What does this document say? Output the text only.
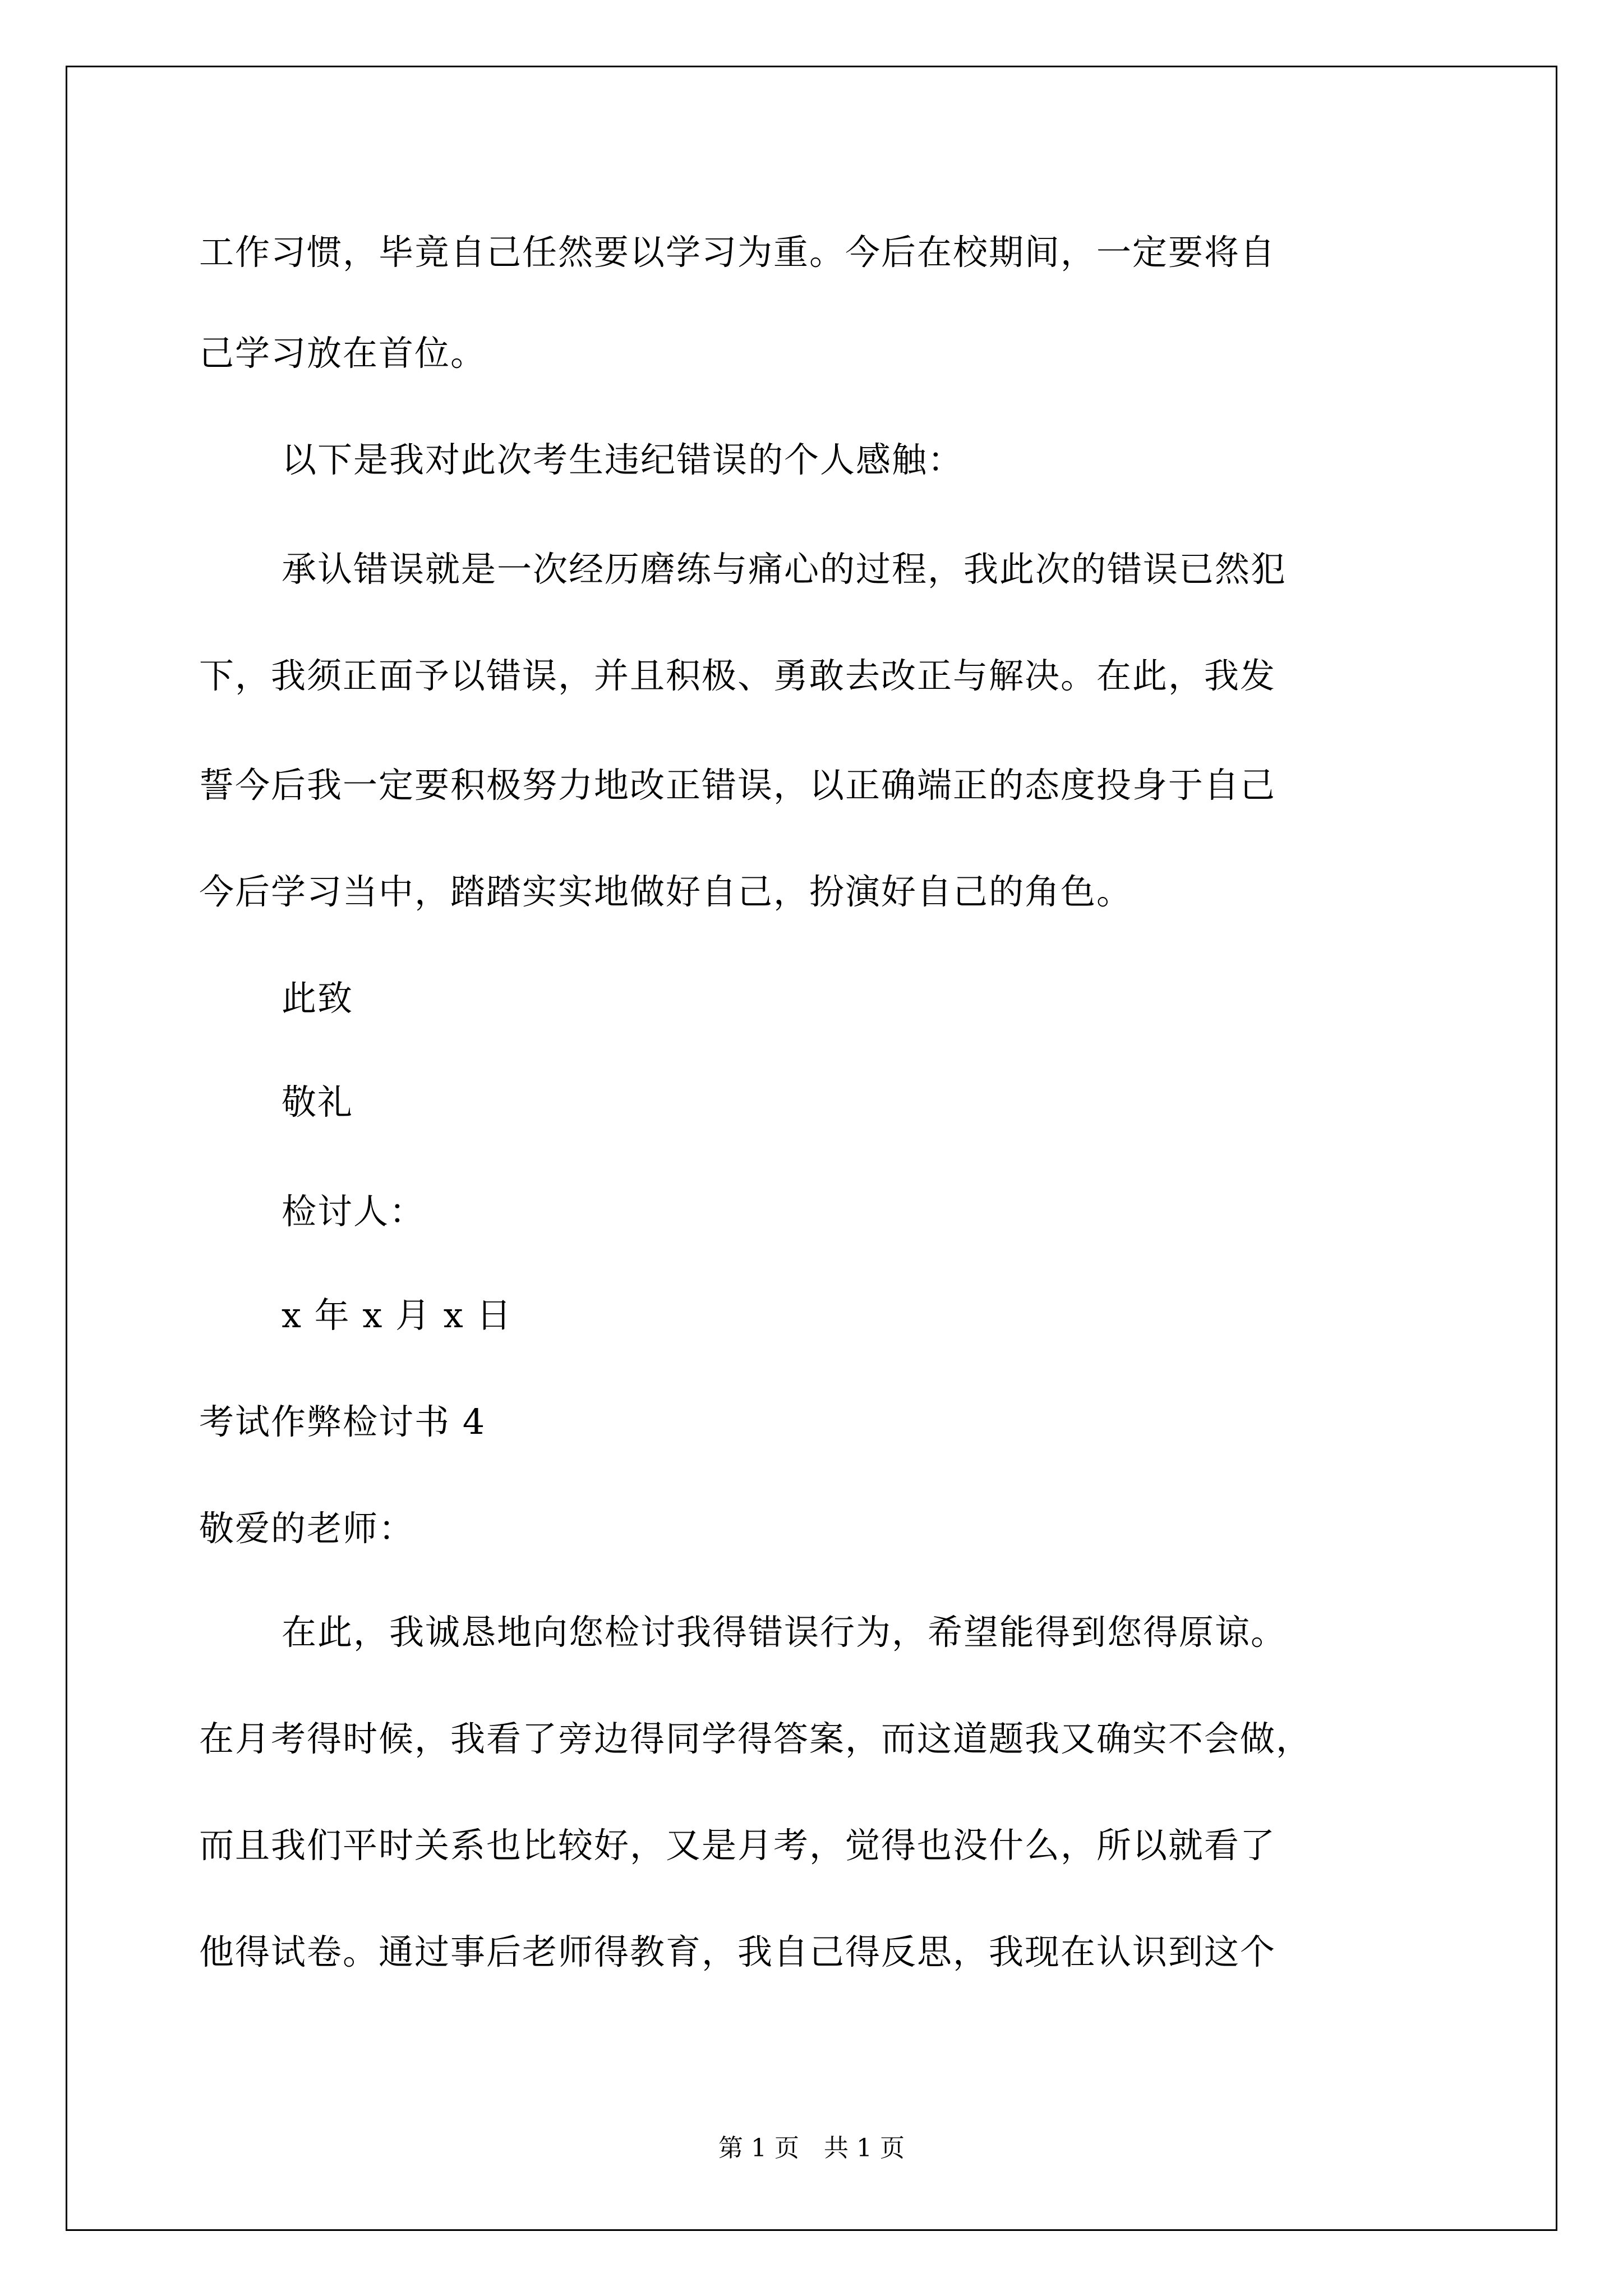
工作习惯，毕竟自己任然要以学习为重。今后在校期间，一定要将自
己学习放在首位。
以下是我对此次考生违纪错误的个人感触：
承认错误就是一次经历磨练与痛心的过程，我此次的错误已然犯
下，我须正面予以错误，并且积极、勇敢去改正与解决。在此，我发
誓今后我一定要积极努力地改正错误，以正确端正的态度投身于自己
今后学习当中，踏踏实实地做好自己，扮演好自己的角色。
此致
敬礼
检讨人：
x 年 x 月 x 日
考试作弊检讨书 4
敬爱的老师：
在此，我诚恳地向您检讨我得错误行为，希望能得到您得原谅。
在月考得时候，我看了旁边得同学得答案，而这道题我又确实不会做，
而且我们平时关系也比较好，又是月考，觉得也没什么，所以就看了
他得试卷。通过事后老师得教育，我自己得反思，我现在认识到这个
第 1 页　共 1 页
